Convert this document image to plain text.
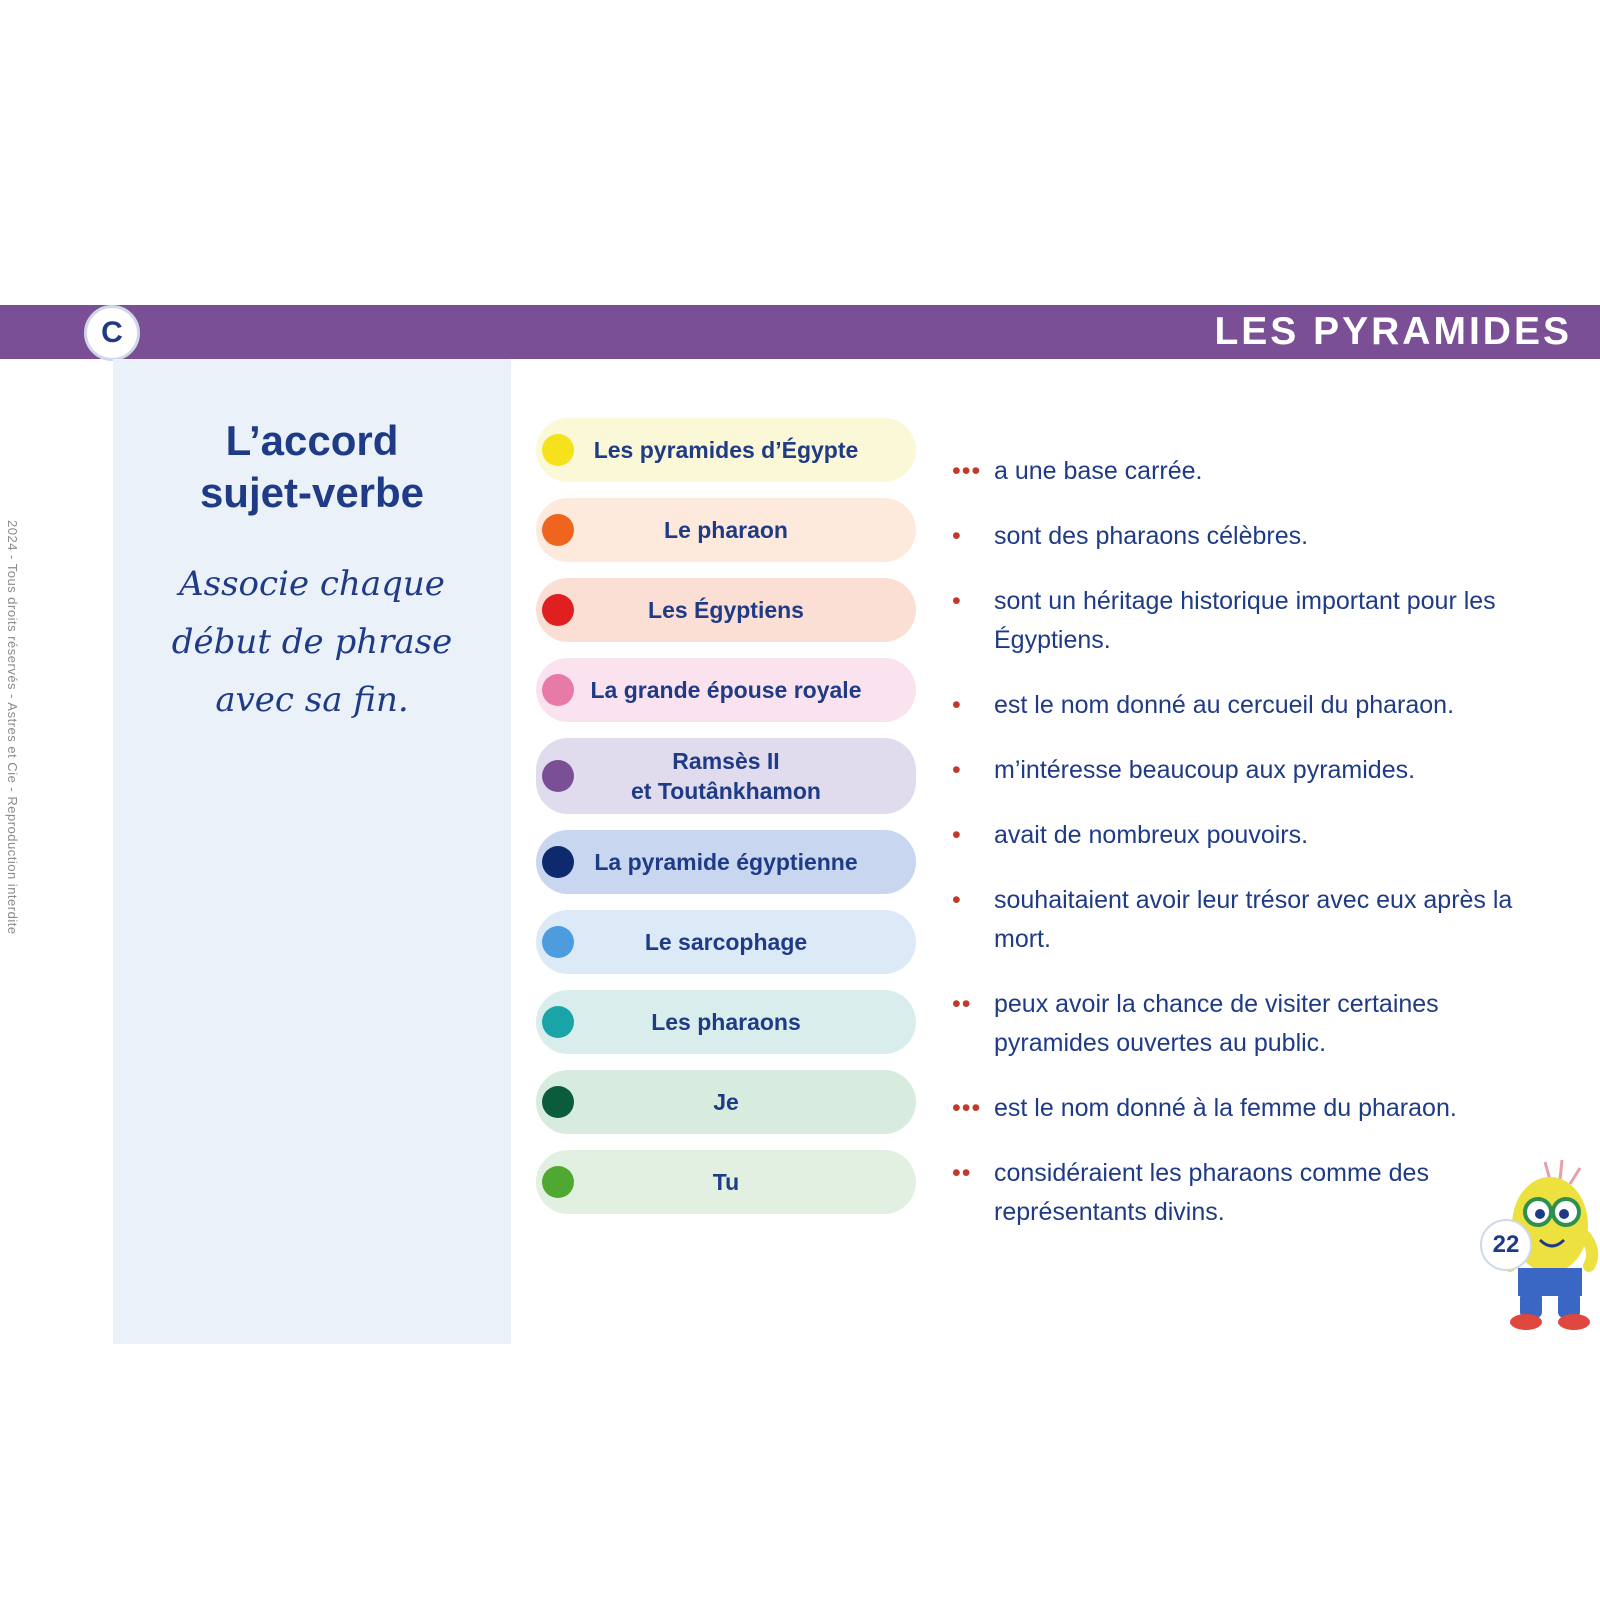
C	LES PYRAMIDES
L’accord
sujet-verbe
Associe chaque début de phrase avec sa fin.
2024 - Tous droits réservés - Astres et Cie - Reproduction interdite
Les pyramides d’Égypte
Le pharaon
Les Égyptiens
La grande épouse royale
Ramsès II
et Toutânkhamon
La pyramide égyptienne
Le sarcophage
Les pharaons
Je
Tu
••• a une base carrée.
• sont des pharaons célèbres.
• sont un héritage historique important pour les Égyptiens.
• est le nom donné au cercueil du pharaon.
• m’intéresse beaucoup aux pyramides.
• avait de nombreux pouvoirs.
• souhaitaient avoir leur trésor avec eux après la mort.
•• peux avoir la chance de visiter certaines pyramides ouvertes au public.
••• est le nom donné à la femme du pharaon.
•• considéraient les pharaons comme des représentants divins.
22
